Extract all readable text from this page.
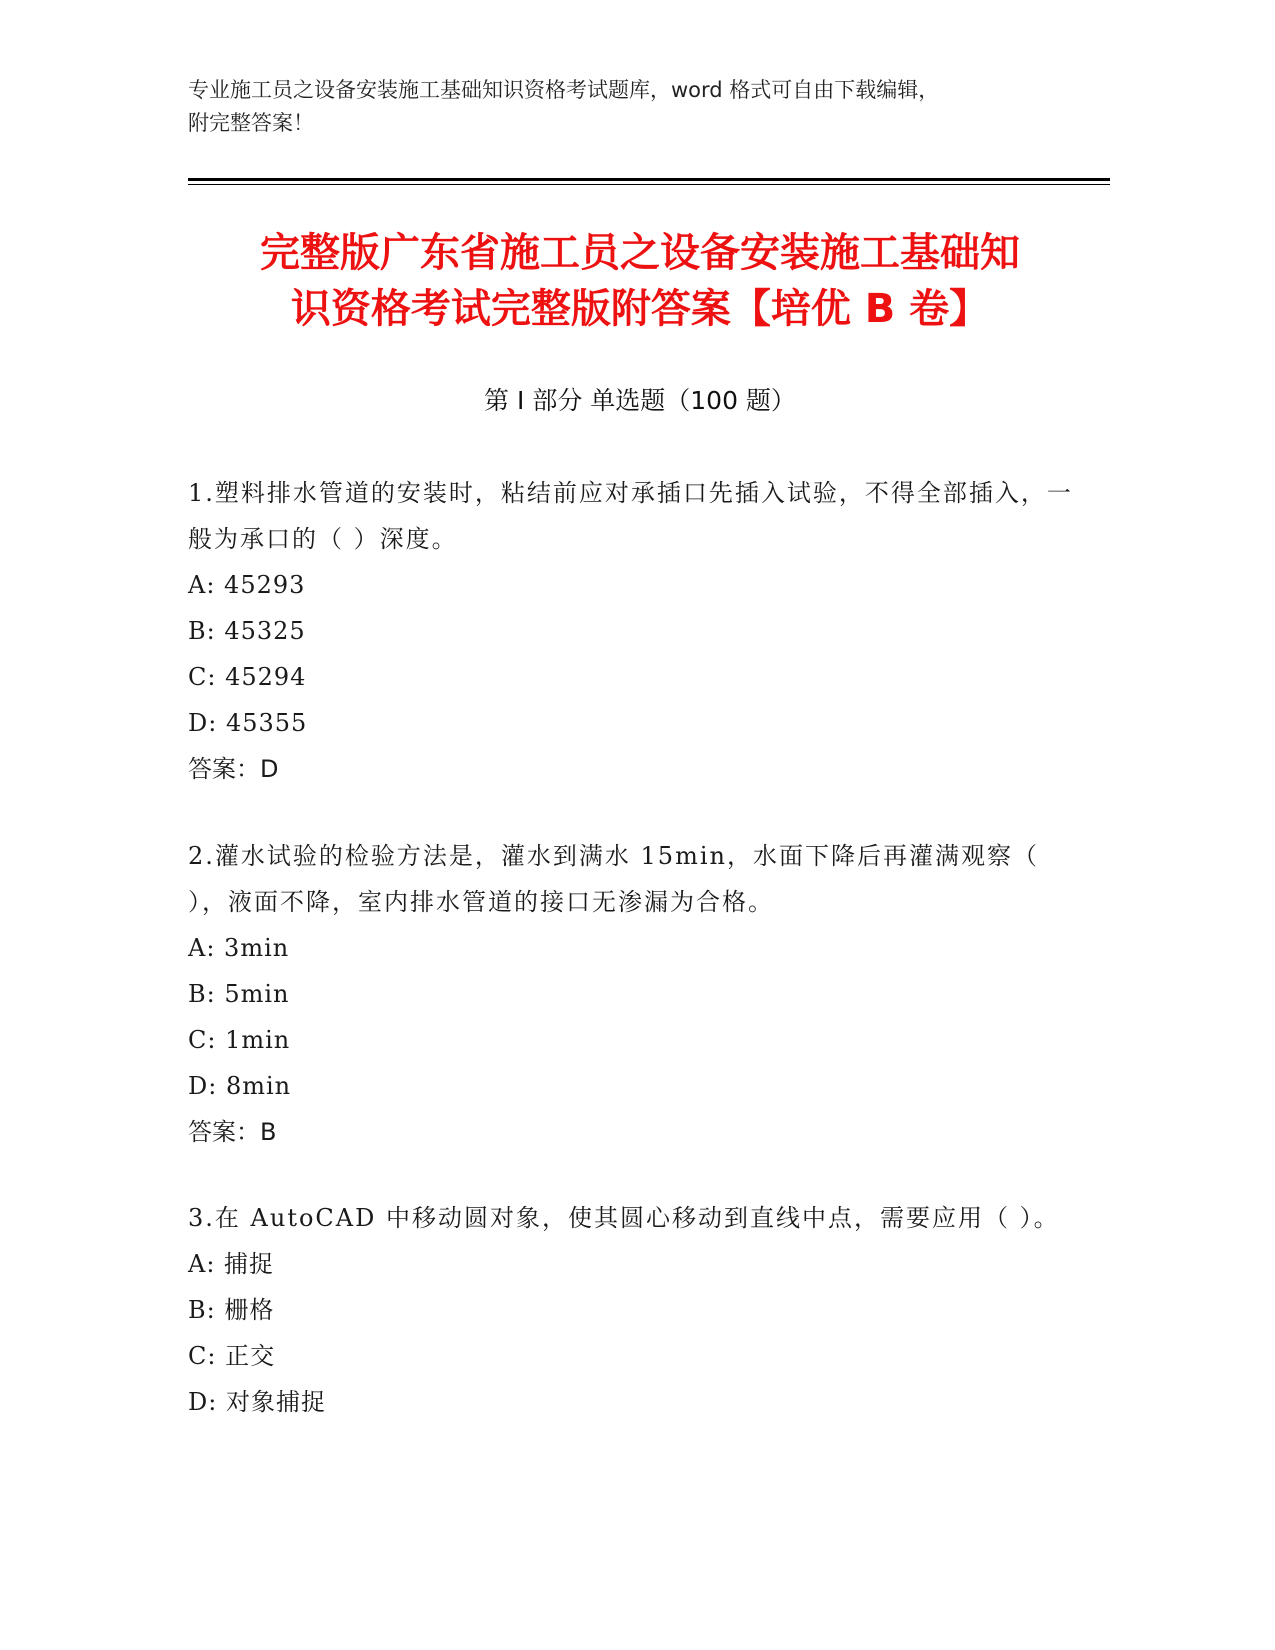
专业施工员之设备安装施工基础知识资格考试题库，word 格式可自由下载编辑，
附完整答案！
完整版广东省施工员之设备安装施工基础知
识资格考试完整版附答案【培优 B 卷】
第 I 部分 单选题（100 题）

1.塑料排水管道的安装时，粘结前应对承插口先插入试验，不得全部插入，一般为承口的（ ）深度。

A: 45293

B: 45325

C: 45294

D: 45355

答案：D

2.灌水试验的检验方法是，灌水到满水 15min，水面下降后再灌满观察（ ），液面不降，室内排水管道的接口无渗漏为合格。

A: 3min

B: 5min

C: 1min

D: 8min

答案：B

3.在 AutoCAD 中移动圆对象，使其圆心移动到直线中点，需要应用（ ）。

A: 捕捉

B: 栅格

C: 正交

D: 对象捕捉
